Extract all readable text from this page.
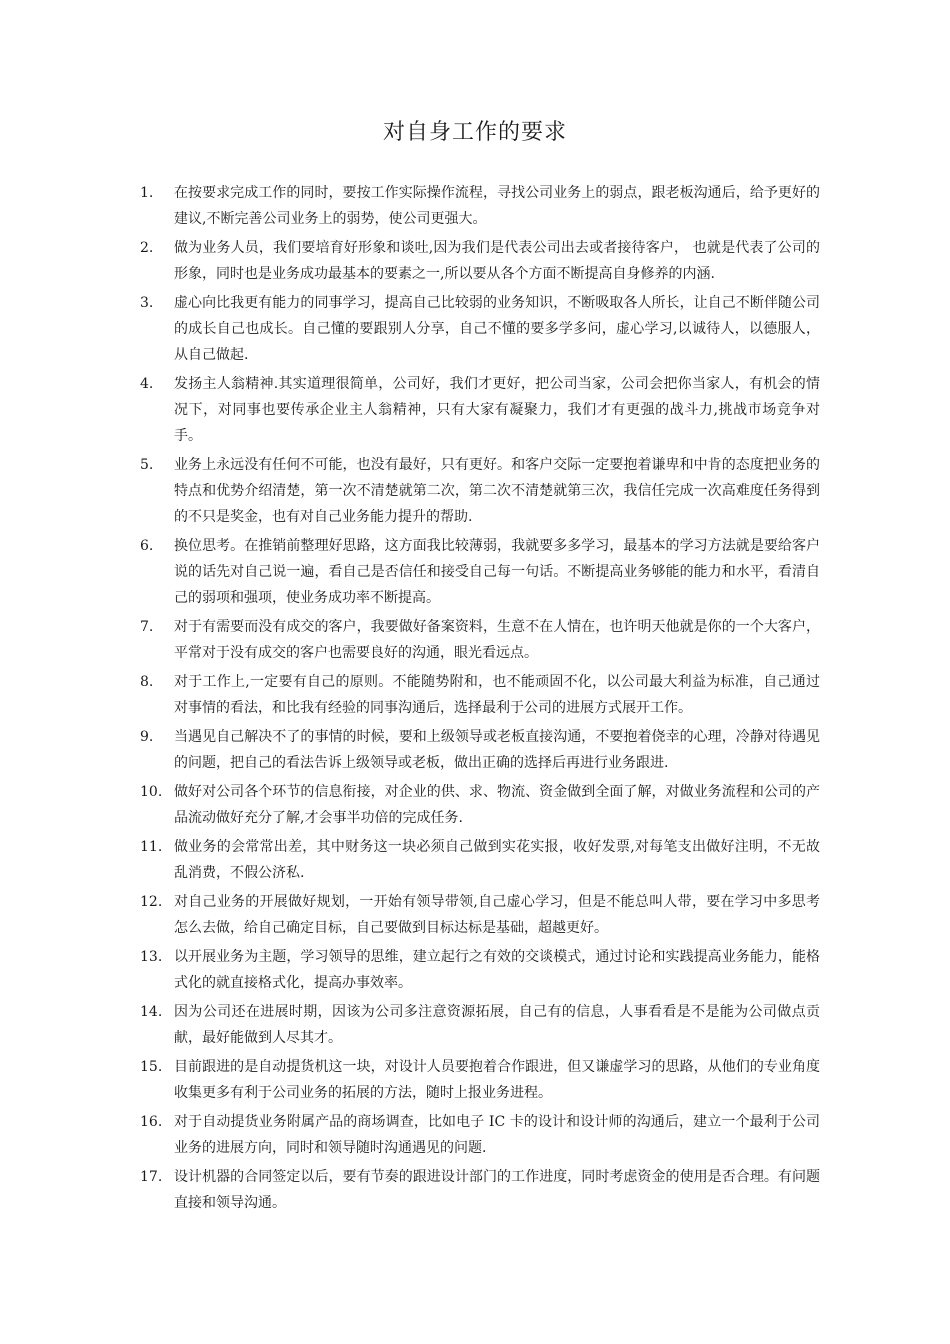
对自身工作的要求
1.	在按要求完成工作的同时，要按工作实际操作流程，寻找公司业务上的弱点，跟老板沟通后，给予更好的建议,不断完善公司业务上的弱势，使公司更强大。
2.	做为业务人员，我们要培育好形象和谈吐,因为我们是代表公司出去或者接待客户， 也就是代表了公司的形象，同时也是业务成功最基本的要素之一,所以要从各个方面不断提高自身修养的内涵.
3.	虚心向比我更有能力的同事学习，提高自己比较弱的业务知识，不断吸取各人所长，让自己不断伴随公司的成长自己也成长。自己懂的要跟别人分享，自己不懂的要多学多问，虚心学习,以诚待人，以德服人，从自己做起.
4.	发扬主人翁精神.其实道理很简单，公司好，我们才更好，把公司当家，公司会把你当家人，有机会的情况下，对同事也要传承企业主人翁精神，只有大家有凝聚力，我们才有更强的战斗力,挑战市场竞争对手。
5.	业务上永远没有任何不可能，也没有最好，只有更好。和客户交际一定要抱着谦卑和中肯的态度把业务的特点和优势介绍清楚，第一次不清楚就第二次，第二次不清楚就第三次，我信任完成一次高难度任务得到的不只是奖金，也有对自己业务能力提升的帮助.
6.	换位思考。在推销前整理好思路，这方面我比较薄弱，我就要多多学习，最基本的学习方法就是要给客户说的话先对自己说一遍，看自己是否信任和接受自己每一句话。不断提高业务够能的能力和水平，看清自己的弱项和强项，使业务成功率不断提高。
7.	对于有需要而没有成交的客户，我要做好备案资料，生意不在人情在，也许明天他就是你的一个大客户，平常对于没有成交的客户也需要良好的沟通，眼光看远点。
8.	对于工作上,一定要有自己的原则。不能随势附和，也不能顽固不化，以公司最大利益为标准，自己通过对事情的看法，和比我有经验的同事沟通后，选择最利于公司的进展方式展开工作。
9.	当遇见自己解决不了的事情的时候，要和上级领导或老板直接沟通，不要抱着侥幸的心理，冷静对待遇见的问题，把自己的看法告诉上级领导或老板，做出正确的选择后再进行业务跟进.
10. 做好对公司各个环节的信息衔接，对企业的供、求、物流、资金做到全面了解，对做业务流程和公司的产品流动做好充分了解,才会事半功倍的完成任务.
11. 做业务的会常常出差，其中财务这一块必须自己做到实花实报，收好发票,对每笔支出做好注明，不无故乱消费，不假公济私.
12. 对自己业务的开展做好规划，一开始有领导带领,自己虚心学习，但是不能总叫人带，要在学习中多思考怎么去做，给自己确定目标，自己要做到目标达标是基础，超越更好。
13. 以开展业务为主题，学习领导的思维，建立起行之有效的交谈模式，通过讨论和实践提高业务能力，能格式化的就直接格式化，提高办事效率。
14. 因为公司还在进展时期，因该为公司多注意资源拓展，自己有的信息，人事看看是不是能为公司做点贡献，最好能做到人尽其才。
15. 目前跟进的是自动提货机这一块，对设计人员要抱着合作跟进，但又谦虚学习的思路，从他们的专业角度收集更多有利于公司业务的拓展的方法，随时上报业务进程。
16. 对于自动提货业务附属产品的商场调查，比如电子 IC 卡的设计和设计师的沟通后，建立一个最利于公司业务的进展方向，同时和领导随时沟通遇见的问题.
17. 设计机器的合同签定以后，要有节奏的跟进设计部门的工作进度，同时考虑资金的使用是否合理。有问题直接和领导沟通。
